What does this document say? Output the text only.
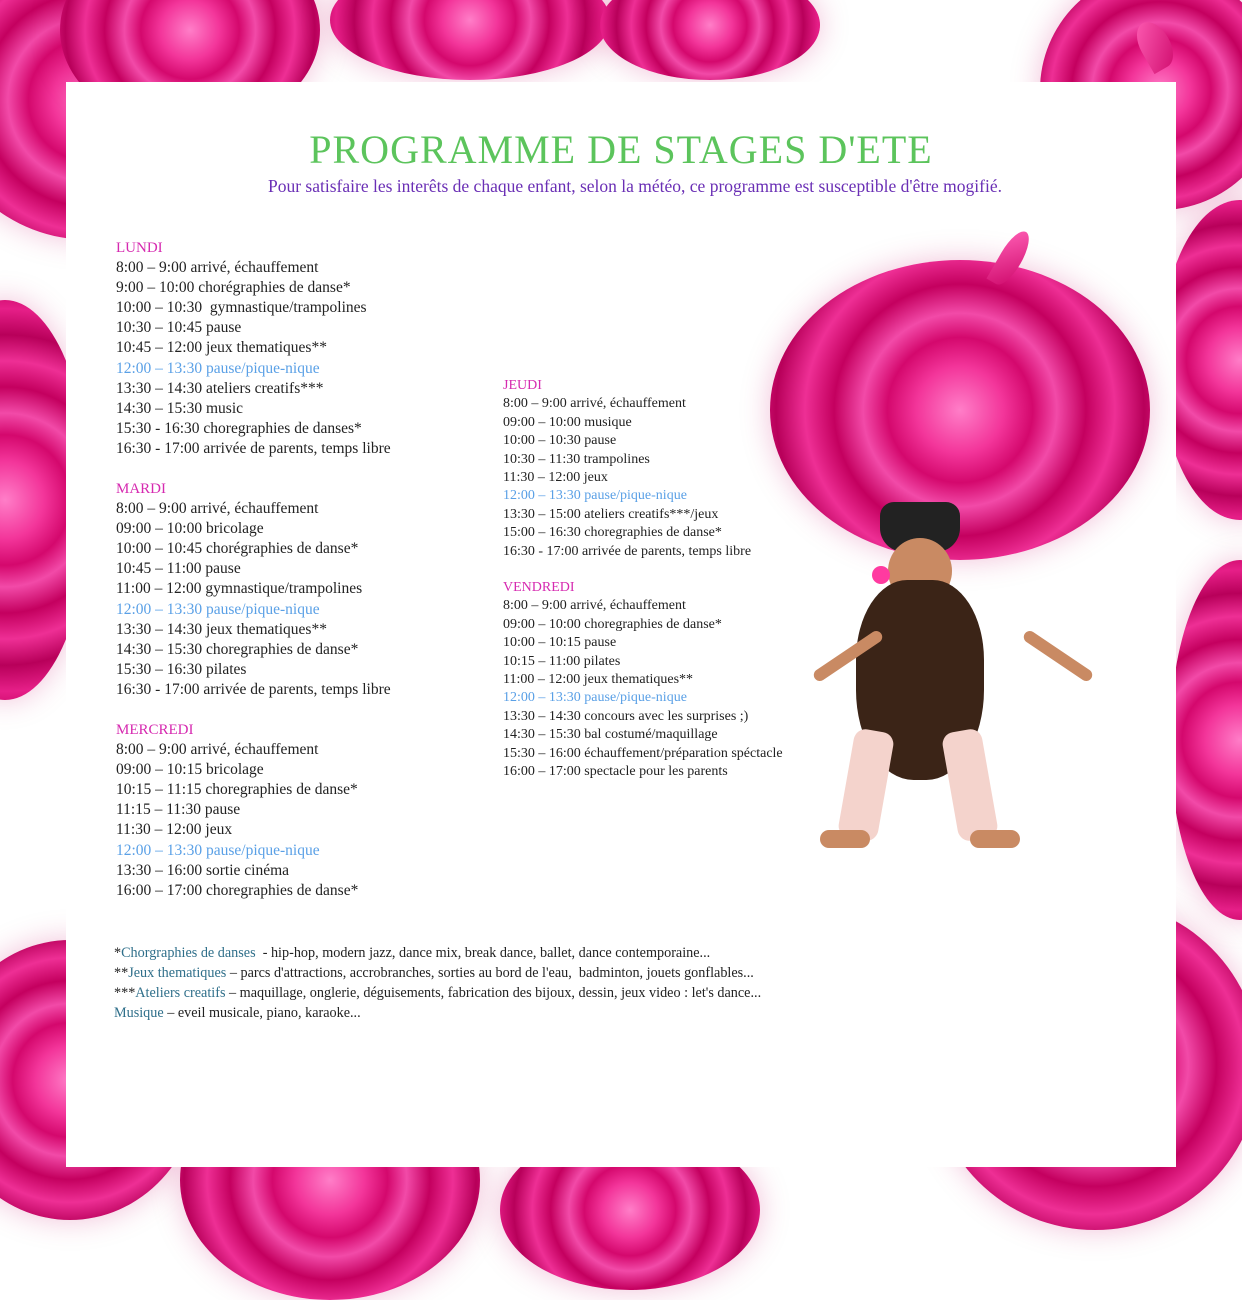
PROGRAMME DE STAGES D'ETE
Pour satisfaire les interêts de chaque enfant, selon la météo, ce programme est susceptible d'être mogifié.
LUNDI
8:00 – 9:00 arrivé, échauffement
9:00 – 10:00 chorégraphies de danse*
10:00 – 10:30  gymnastique/trampolines
10:30 – 10:45 pause
10:45 – 12:00 jeux thematiques**
12:00 – 13:30 pause/pique-nique
13:30 – 14:30 ateliers creatifs***
14:30 – 15:30 music
15:30 - 16:30 choregraphies de danses*
16:30 - 17:00 arrivée de parents, temps libre
MARDI
8:00 – 9:00 arrivé, échauffement
09:00 – 10:00 bricolage
10:00 – 10:45 chorégraphies de danse*
10:45 – 11:00 pause
11:00 – 12:00 gymnastique/trampolines
12:00 – 13:30 pause/pique-nique
13:30 – 14:30 jeux thematiques**
14:30 – 15:30 choregraphies de danse*
15:30 – 16:30 pilates
16:30 - 17:00 arrivée de parents, temps libre
MERCREDI
8:00 – 9:00 arrivé, échauffement
09:00 – 10:15 bricolage
10:15 – 11:15 choregraphies de danse*
11:15 – 11:30 pause
11:30 – 12:00 jeux
12:00 – 13:30 pause/pique-nique
13:30 – 16:00 sortie cinéma
16:00 – 17:00 choregraphies de danse*
JEUDI
8:00 – 9:00 arrivé, échauffement
09:00 – 10:00 musique
10:00 – 10:30 pause
10:30 – 11:30 trampolines
11:30 – 12:00 jeux
12:00 – 13:30 pause/pique-nique
13:30 – 15:00 ateliers creatifs***/jeux
15:00 – 16:30 choregraphies de danse*
16:30 - 17:00 arrivée de parents, temps libre
VENDREDI
8:00 – 9:00 arrivé, échauffement
09:00 – 10:00 choregraphies de danse*
10:00 – 10:15 pause
10:15 – 11:00 pilates
11:00 – 12:00 jeux thematiques**
12:00 – 13:30 pause/pique-nique
13:30 – 14:30 concours avec les surprises ;)
14:30 – 15:30 bal costumé/maquillage
15:30 – 16:00 échauffement/préparation spéctacle
16:00 – 17:00 spectacle pour les parents
*Chorgraphies de danses  - hip-hop, modern jazz, dance mix, break dance, ballet, dance contemporaine...
**Jeux thematiques – parcs d'attractions, accrobranches, sorties au bord de l'eau,  badminton, jouets gonflables...
***Ateliers creatifs – maquillage, onglerie, déguisements, fabrication des bijoux, dessin, jeux video : let's dance...
Musique – eveil musicale, piano, karaoke...
